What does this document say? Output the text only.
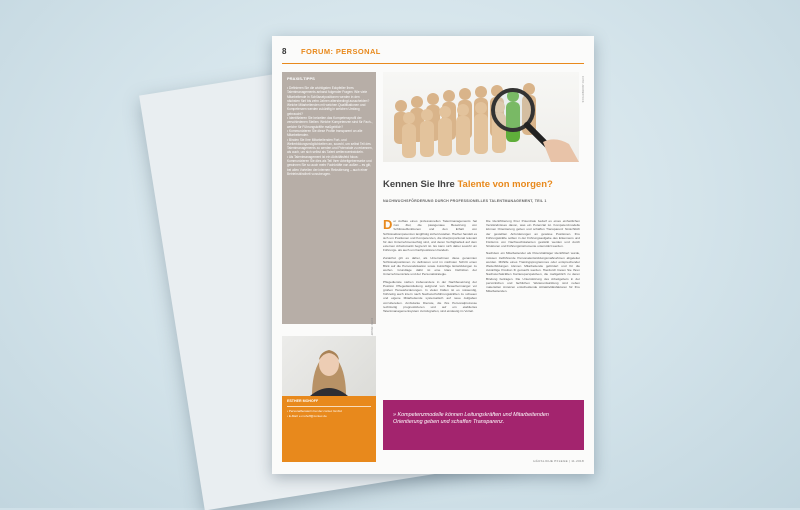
8 FORUM: PERSONAL
PRAXIS-TIPPS
• Definieren Sie die wichtigsten Eckpfeiler Ihres Talentmanagements anhand folgender Fragen: Wie viele Mitarbeitende in Schlüsselpositionen werden in den nächsten fünf bis zehn Jahren altersbedingt ausscheiden? Welche Mitarbeitenden mit welchen Qualifikationen und Kompetenzen werden zukünftig in welchen Umfang gebraucht?
• Identifizieren Sie beizeiten das Kompetenzprofil der verschiedenen Stellen: Welche Kompetenzen sind für Fach-, welche für Führungskräfte maßgeblich?
• Kommunizieren Sie diese Profile transparent an alle Mitarbeitenden.
• Binden Sie Ihre Mitarbeitenden Fort- und Weiterbildungsmöglichkeiten an, sowohl, um selbst Teil des Talentmanagements zu werden und Potenziale zu erkennen, als auch, um sich selbst als Talent weiterzuentwickeln.
• Als Talentmanagement ist ein Aktivitätsfeld fokus: Kommunizieren Sie dies als Teil Ihrer Arbeitgebermarke und gewinnen Sie so auch mehr Fachkräfte von außen – es gilt, bei allen Vorteilen der internen Rekrutierung – auch einer Betriebsblindheit vorzubeugen.
FOTO: ADOBESTOCK
Kennen Sie Ihre Talente von morgen?
NACHWUCHSFÖRDERUNG DURCH PROFESSIONELLES TALENTMANAGEMENT, TEIL 1

Der Aufbau eines professionellen Talentmanagements hat zum Ziel, die passgenaue Besetzung von Schlüsselfunktionen und den Erhalt von Schlüsselkompetenzen langfristig sicherzustellen. Hierbei handelt es sich um Positionen und Kompetenzen, die überproportional relevant für den Unternehmenserfolg sind, und deren Verfügbarkeit auf dem externen Arbeitsmarkt begrenzt ist. Es kann sich dabei sowohl um Führungs- als auch um Fachpositionen handeln.

Zunächst gilt es daher, als Unternehmen diese genannten Schlüsselpositionen zu definieren und im nächsten Schritt einen Blick auf die Personalsituation sowie zukünftige Entwicklungen zu werfen. Grundlage dafür ist eine klare Definition der Unternehmensziele und der Personalstrategie.

Pflegedienste stehen insbesondere in der Nachbesetzung der Position Pflegedienstleitung aufgrund von Bewerbermangel vor großen Herausforderungen. In vielen Fällen ist es notwendig, frühzeitig auch intern nach Nachwuchsführungskräften zu schauen und eigene Mitarbeitende systematisch auf neue Aufgaben vorzubereiten. Ambulante Dienste, die ihre Personalprozesse rechtzeitig prognostizieren und auf ein etabliertes Talentmanagementsystem zurückgreifen, sind eindeutig im Vorteil.

Die Identifizierung Ihrer Potenziale bedarf es eines einheitlichen Verständnisses davon, was ein Potenzial ist. Kompetenzmodelle können Orientierung geben und schaffen Transparenz hinsichtlich der gestellten Anforderungen an gewisse Positionen. Ihre Führungskräfte sollten in der Führungsaufgabe des Erkennens und Förderns von Nachwuchstalenten gestärkt werden und durch Strukturen und Führungsinstrumente unterstützt werden.

Nachdem ein Mitarbeitender als Potenzialträger identifiziert wurde, müssen zielführende Personalentwicklungsmaßnahmen abgeleitet werden. Mithilfe eines Trainingsprogrammes oder entsprechender Weiterbildungen können Mitarbeitende gefördert und für die zukünftige Position fit gemacht werden. Hierdurch bieten Sie Ihren Nachwuchskräften Karriereperspektiven, die maßgeblich zu deren Bindung beitragen. Die Unterstützung des Arbeitgebers in der persönlichen und fachlichen Weiterentwicklung sind neben materiellen Anreizen entscheidende Attraktivitätsfaktoren für Ihre Mitarbeitenden.

FOTO: PRIVAT
ESTHER MOHOFF
• Personalberaterin bei der contec GmbH
• E-Mail: e.mohoff@contec.de	» Kompetenzmodelle können Leitungskräften und Mitarbeitenden Orientierung geben und schaffen Transparenz.
HÄUSLICHE PFLEGE | 11.2018
